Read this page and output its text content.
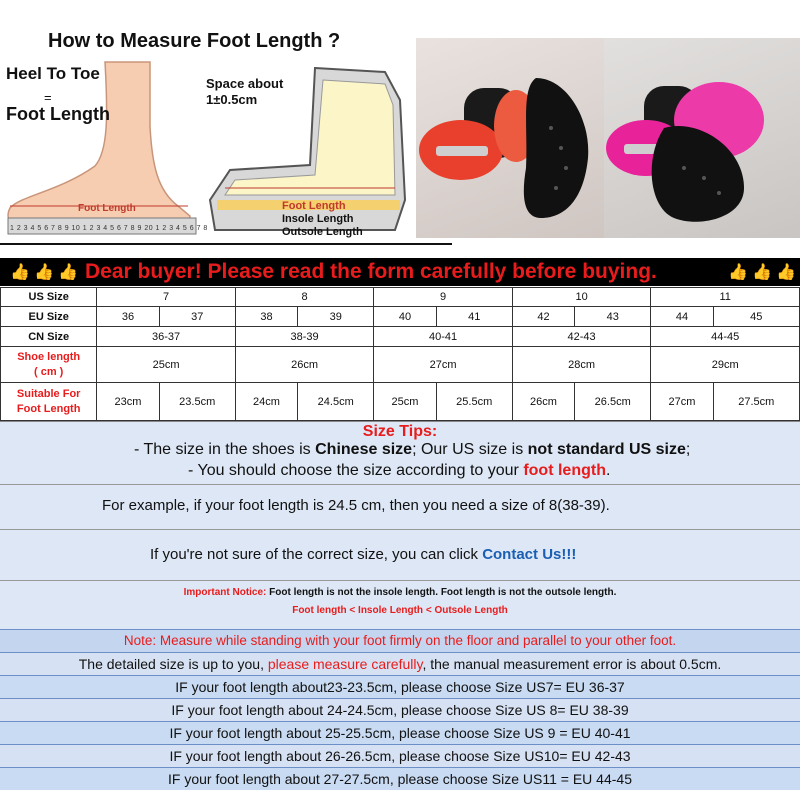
How to Measure Foot Length ?
Heel To Toe
=
Foot Length
Foot Length
1 2 3 4 5 6 7 8 9 10 1 2 3 4 5 6 7 8 9 20 1 2 3 4 5 6 7 8
Space about
1±0.5cm
Foot Length
Insole Length
Outsole Length
👍 👍 👍 Dear buyer! Please read the form carefully before buying.	👍 👍 👍
US Size	7		8		9		10		11	
EU Size	36	37	38	39	40	41	42	43	44	45
CN Size	36-37		38-39		40-41		42-43		44-45	

Shoe length
( cm )	25cm		26cm		27cm		28cm		29cm	

Suitable For
Foot Length	23cm	23.5cm	24cm	24.5cm	25cm	25.5cm	26cm	26.5cm	27cm	27.5cm
Size Tips:
- The size in the shoes is Chinese size; Our US size is not standard US size;
- You should choose the size according to your foot length.
For example, if your foot length is 24.5 cm, then you need a size of 8(38-39).
If you're not sure of the correct size, you can click Contact Us!!!
Important Notice: Foot length is not the insole length. Foot length is not the outsole length.
Foot length < Insole Length < Outsole Length
Note: Measure while standing with your foot firmly on the floor and parallel to your other foot.
The detailed size is up to you, please measure carefully, the manual measurement error is about 0.5cm.
IF your foot length about23-23.5cm, please choose Size US7= EU 36-37
IF your foot length about 24-24.5cm, please choose Size US 8= EU 38-39
IF your foot length about 25-25.5cm, please choose Size US 9 = EU 40-41
IF your foot length about 26-26.5cm, please choose Size US10= EU 42-43
IF your foot length about 27-27.5cm, please choose Size US11 = EU 44-45
